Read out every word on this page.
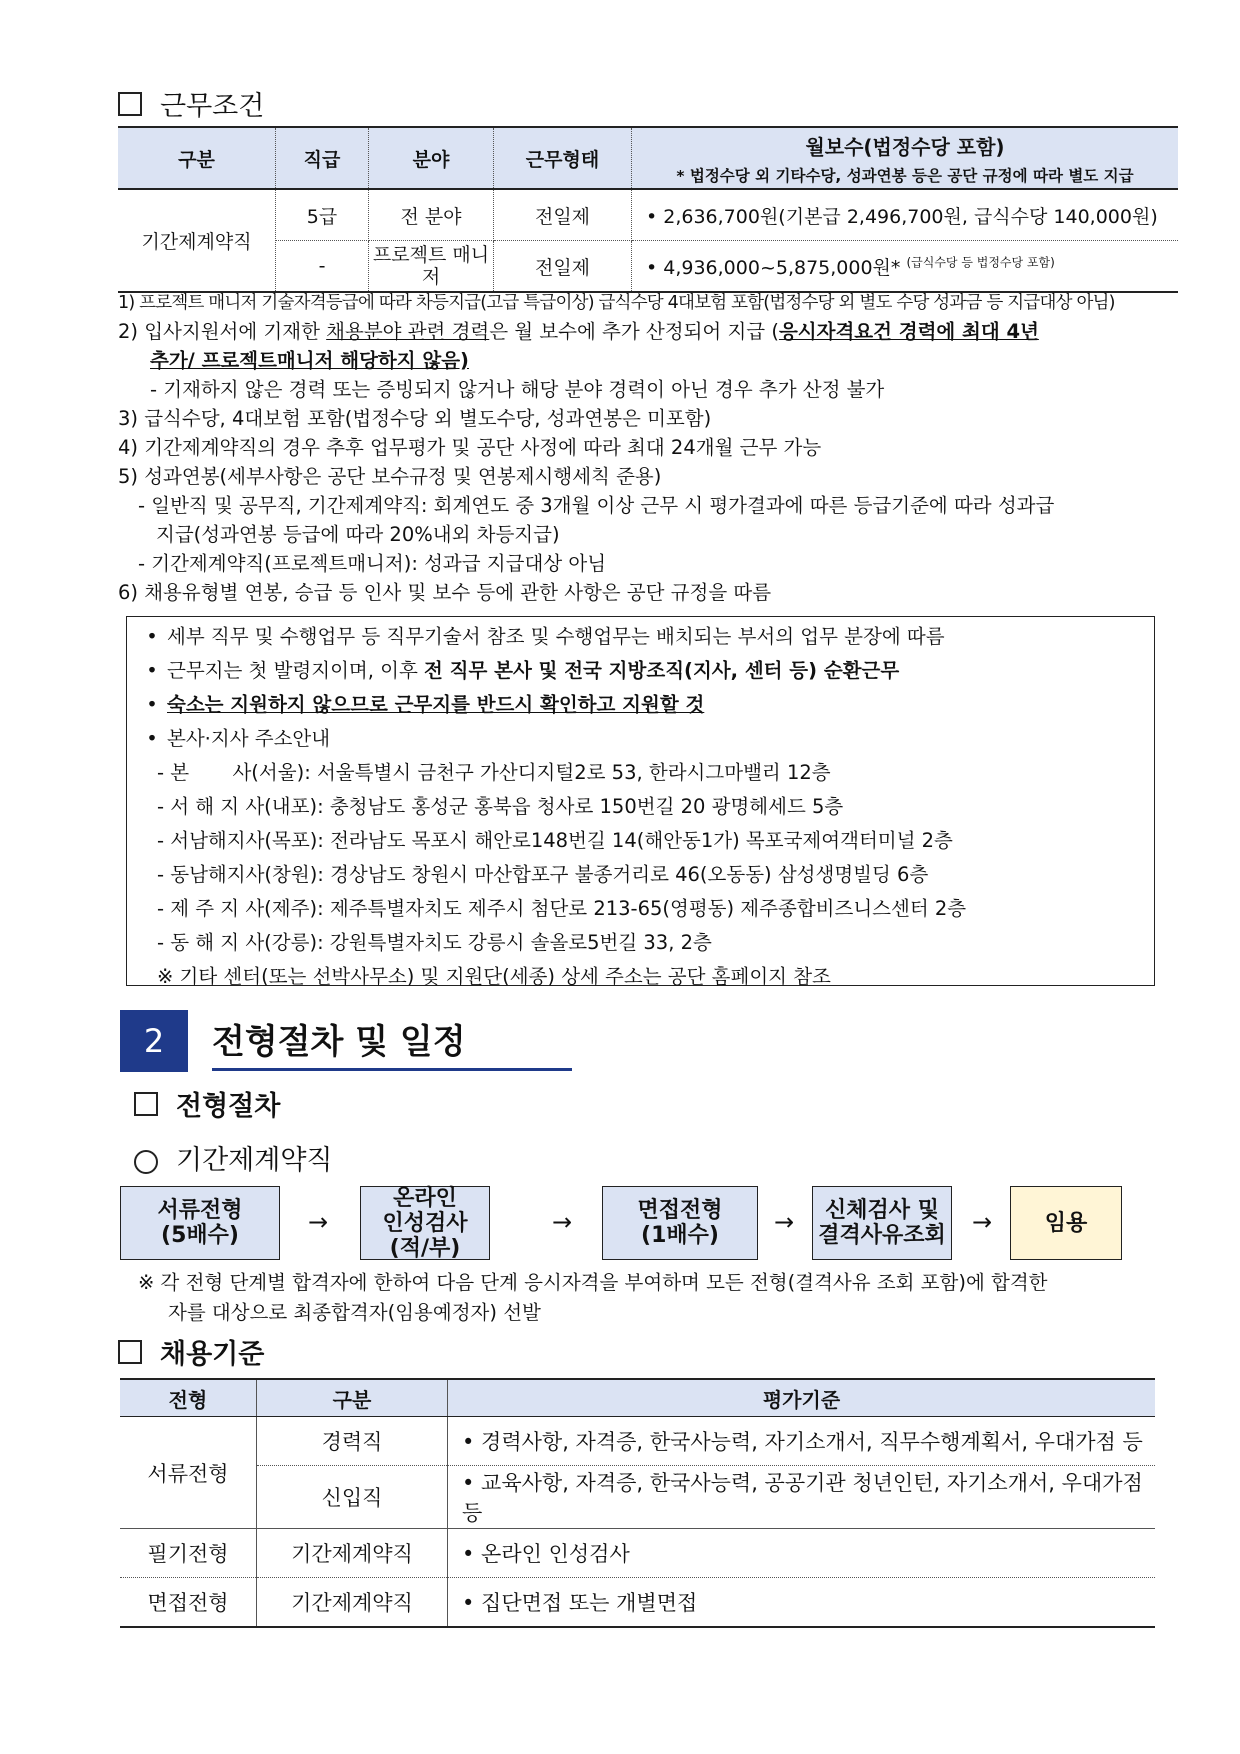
근무조건
구분	직급	분야	근무형태	월보수(법정수당 포함)
* 법정수당 외 기타수당, 성과연봉 등은 공단 규정에 따라 별도 지급

기간제계약직	5급	전 분야	전일제	• 2,636,700원(기본급 2,496,700원, 급식수당 140,000원)
	-	프로젝트 매니저	전일제	• 4,936,000~5,875,000원* $^{(급식수당 등 법정수당 포함)}$
1) 프로젝트 매니저 기술자격등급에 따라 차등지급(고급 특급이상) 급식수당 4대보험 포함(법정수당 외 별도 수당 성과금 등 지급대상 아님)
2) 입사지원서에 기재한 채용분야 관련 경력은 월 보수에 추가 산정되어 지급 (응시자격요건 경력에 최대 4년
추가/ 프로젝트매니저 해당하지 않음)
- 기재하지 않은 경력 또는 증빙되지 않거나 해당 분야 경력이 아닌 경우 추가 산정 불가
3) 급식수당, 4대보험 포함(법정수당 외 별도수당, 성과연봉은 미포함)
4) 기간제계약직의 경우 추후 업무평가 및 공단 사정에 따라 최대 24개월 근무 가능
5) 성과연봉(세부사항은 공단 보수규정 및 연봉제시행세칙 준용)
- 일반직 및 공무직, 기간제계약직: 회계연도 중 3개월 이상 근무 시 평가결과에 따른 등급기준에 따라 성과급
지급(성과연봉 등급에 따라 20%내외 차등지급)
- 기간제계약직(프로젝트매니저): 성과급 지급대상 아님
6) 채용유형별 연봉, 승급 등 인사 및 보수 등에 관한 사항은 공단 규정을 따름
• 세부 직무 및 수행업무 등 직무기술서 참조 및 수행업무는 배치되는 부서의 업무 분장에 따름
• 근무지는 첫 발령지이며, 이후 전 직무 본사 및 전국 지방조직(지사, 센터 등) 순환근무
• 숙소는 지원하지 않으므로 근무지를 반드시 확인하고 지원할 것
• 본사·지사 주소안내
- 본       사(서울): 서울특별시 금천구 가산디지털2로 53, 한라시그마밸리 12층
- 서 해 지 사(내포): 충청남도 홍성군 홍북읍 청사로 150번길 20 광명헤세드 5층
- 서남해지사(목포): 전라남도 목포시 해안로148번길 14(해안동1가) 목포국제여객터미널 2층
- 동남해지사(창원): 경상남도 창원시 마산합포구 불종거리로 46(오동동) 삼성생명빌딩 6층
- 제 주 지 사(제주): 제주특별자치도 제주시 첨단로 213-65(영평동) 제주종합비즈니스센터 2층
- 동 해 지 사(강릉): 강원특별자치도 강릉시 솔올로5번길 33, 2층
※ 기타 센터(또는 선박사무소) 및 지원단(세종) 상세 주소는 공단 홈페이지 참조
2	전형절차 및 일정
전형절차
기간제계약직
서류전형
(5배수)	→
온라인
인성검사
(적/부)
→	면접전형
(1배수) →	신체검사 및
결격사유조회 → 임용
※ 각 전형 단계별 합격자에 한하여 다음 단계 응시자격을 부여하며 모든 전형(결격사유 조회 포함)에 합격한
자를 대상으로 최종합격자(임용예정자) 선발
채용기준
전형	구분	평가기준
서류전형	경력직	• 경력사항, 자격증, 한국사능력, 자기소개서, 직무수행계획서, 우대가점 등
	신입직	• 교육사항, 자격증, 한국사능력, 공공기관 청년인턴, 자기소개서, 우대가점 등
필기전형	기간제계약직	• 온라인 인성검사
면접전형	기간제계약직	• 집단면접 또는 개별면접
